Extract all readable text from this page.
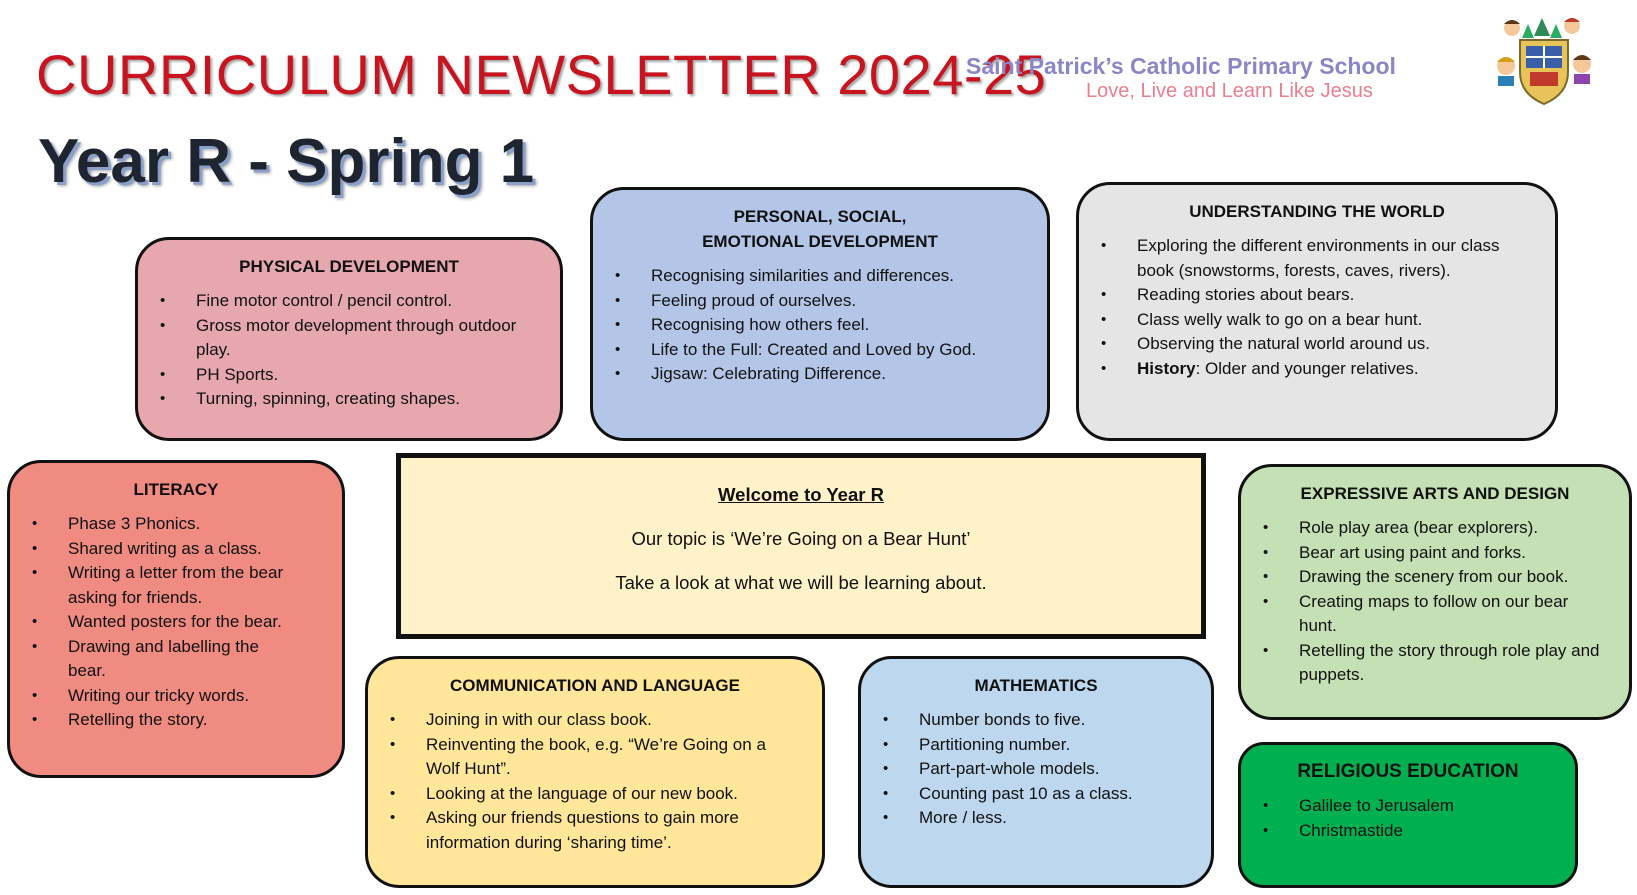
CURRICULUM NEWSLETTER 2024-25
Year R - Spring 1
Saint Patrick’s Catholic Primary School
Love, Live and Learn Like Jesus
PHYSICAL DEVELOPMENT
• Fine motor control / pencil control.
• Gross motor development through outdoor play.
• PH Sports.
• Turning, spinning, creating shapes.
PERSONAL, SOCIAL, EMOTIONAL DEVELOPMENT
• Recognising similarities and differences.
• Feeling proud of ourselves.
• Recognising how others feel.
• Life to the Full: Created and Loved by God.
• Jigsaw: Celebrating Difference.
UNDERSTANDING THE WORLD
• Exploring the different environments in our class book (snowstorms, forests, caves, rivers).
• Reading stories about bears.
• Class welly walk to go on a bear hunt.
• Observing the natural world around us.
• History: Older and younger relatives.
LITERACY
• Phase 3 Phonics.
• Shared writing as a class.
• Writing a letter from the bear asking for friends.
• Wanted posters for the bear.
• Drawing and labelling the bear.
• Writing our tricky words.
• Retelling the story.
Welcome to Year R
Our topic is ‘We’re Going on a Bear Hunt’
Take a look at what we will be learning about.
EXPRESSIVE ARTS AND DESIGN
• Role play area (bear explorers).
• Bear art using paint and forks.
• Drawing the scenery from our book.
• Creating maps to follow on our bear hunt.
• Retelling the story through role play and puppets.
COMMUNICATION AND LANGUAGE
• Joining in with our class book.
• Reinventing the book, e.g. “We’re Going on a Wolf Hunt”.
• Looking at the language of our new book.
• Asking our friends questions to gain more information during ‘sharing time’.
MATHEMATICS
• Number bonds to five.
• Partitioning number.
• Part-part-whole models.
• Counting past 10 as a class.
• More / less.
RELIGIOUS EDUCATION
• Galilee to Jerusalem
• Christmastide
